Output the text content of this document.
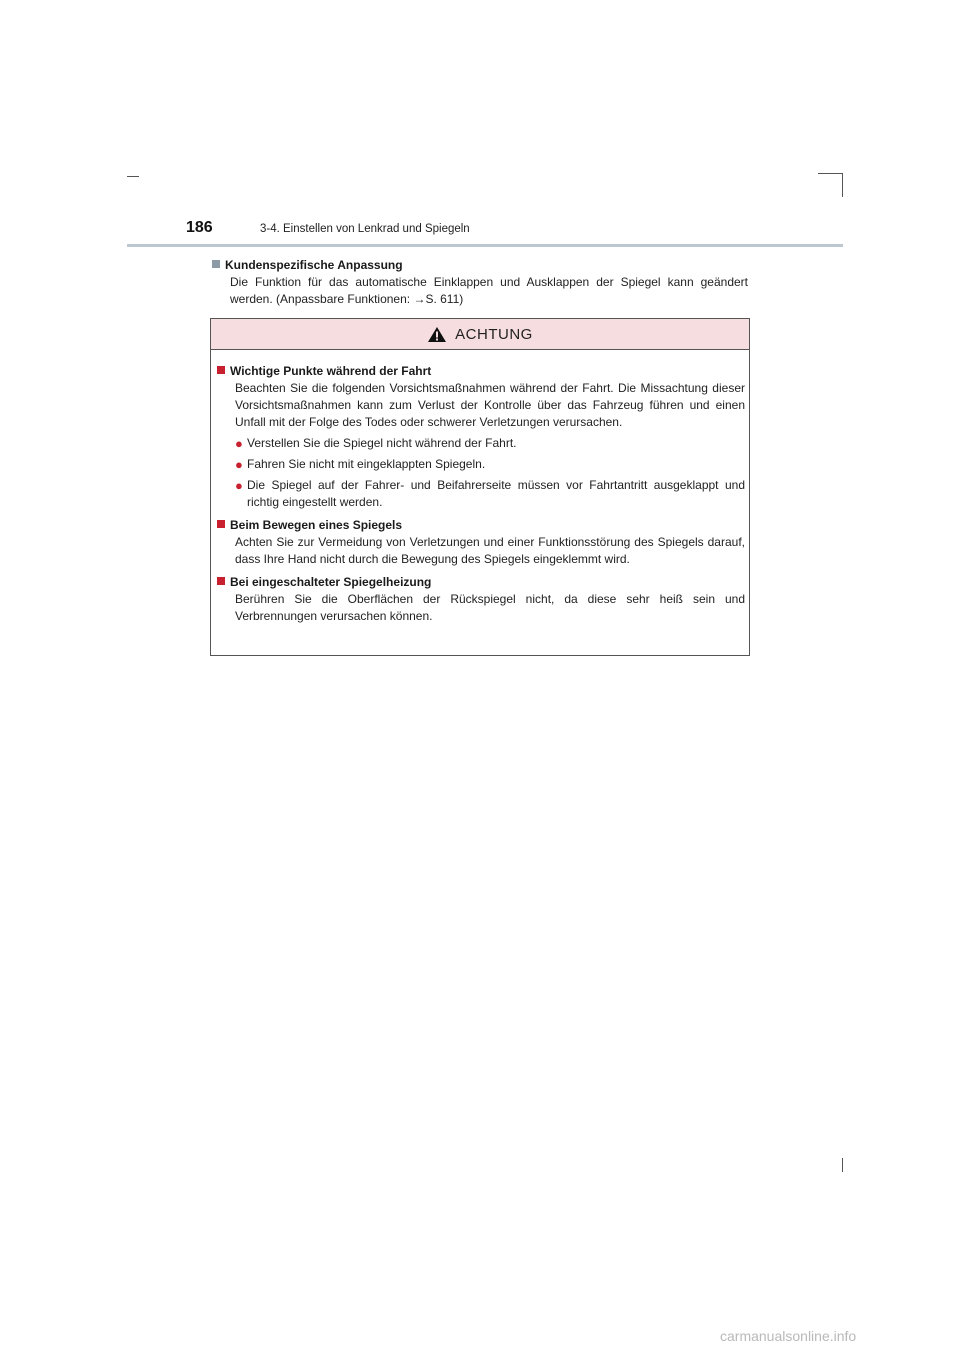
186	3-4. Einstellen von Lenkrad und Spiegeln
Kundenspezifische Anpassung
Die Funktion für das automatische Einklappen und Ausklappen der Spiegel kann geändert werden. (Anpassbare Funktionen: →S. 611)
ACHTUNG
Wichtige Punkte während der Fahrt
Beachten Sie die folgenden Vorsichtsmaßnahmen während der Fahrt. Die Missachtung dieser Vorsichtsmaßnahmen kann zum Verlust der Kontrolle über das Fahrzeug führen und einen Unfall mit der Folge des Todes oder schwerer Verletzungen verursachen.
● Verstellen Sie die Spiegel nicht während der Fahrt.
● Fahren Sie nicht mit eingeklappten Spiegeln.
● Die Spiegel auf der Fahrer- und Beifahrerseite müssen vor Fahrtantritt ausgeklappt und richtig eingestellt werden.
Beim Bewegen eines Spiegels
Achten Sie zur Vermeidung von Verletzungen und einer Funktionsstörung des Spiegels darauf, dass Ihre Hand nicht durch die Bewegung des Spiegels eingeklemmt wird.
Bei eingeschalteter Spiegelheizung
Berühren Sie die Oberflächen der Rückspiegel nicht, da diese sehr heiß sein und Verbrennungen verursachen können.
carmanualsonline.info
